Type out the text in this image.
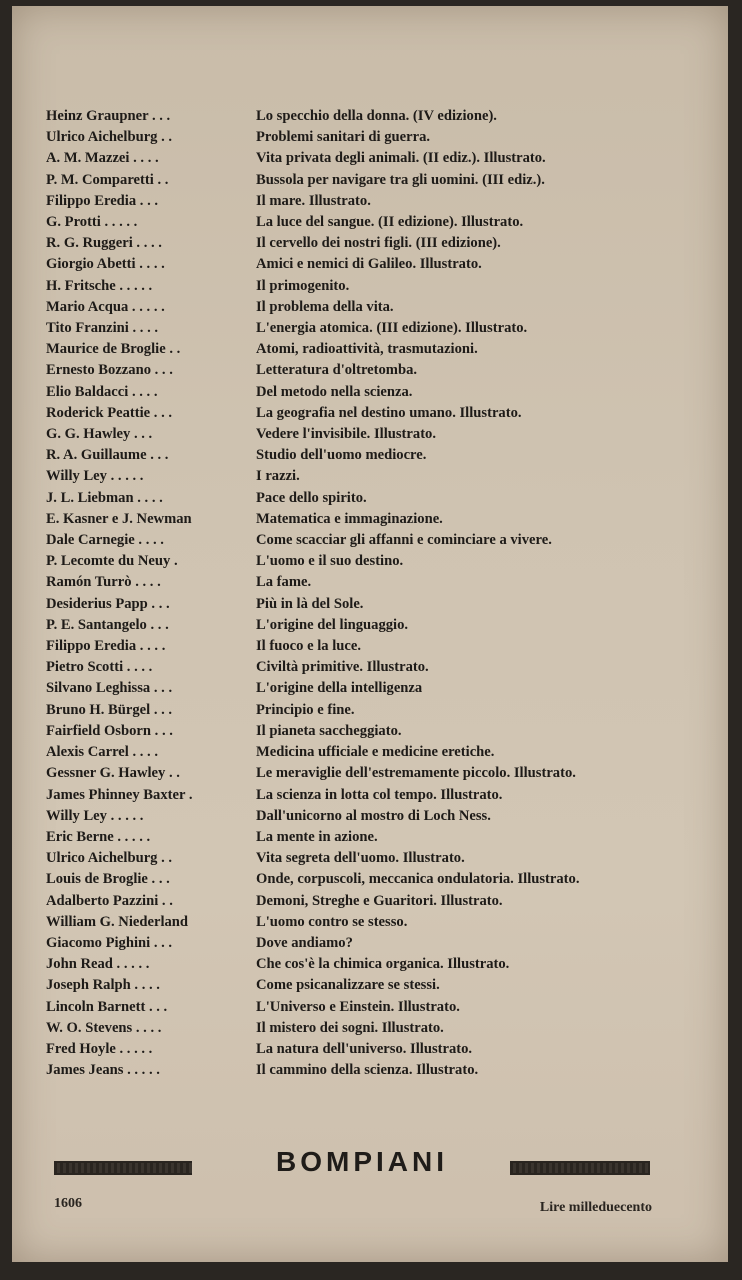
Heinz Graupner . . .	Lo specchio della donna. (IV edizione).
Ulrico Aichelburg . .	Problemi sanitari di guerra.
A. M. Mazzei . . . .	Vita privata degli animali. (II ediz.). Illustrato.
P. M. Comparetti . .	Bussola per navigare tra gli uomini. (III ediz.).
Filippo Eredia . . .	Il mare. Illustrato.
G. Protti . . . . .	La luce del sangue. (II edizione). Illustrato.
R. G. Ruggeri . . . .	Il cervello dei nostri figli. (III edizione).
Giorgio Abetti . . . .	Amici e nemici di Galileo. Illustrato.
H. Fritsche . . . . .	Il primogenito.
Mario Acqua . . . . .	Il problema della vita.
Tito Franzini . . . .	L'energia atomica. (III edizione). Illustrato.
Maurice de Broglie . .	Atomi, radioattività, trasmutazioni.
Ernesto Bozzano . . .	Letteratura d'oltretomba.
Elio Baldacci . . . .	Del metodo nella scienza.
Roderick Peattie . . .	La geografia nel destino umano. Illustrato.
G. G. Hawley . . .	Vedere l'invisibile. Illustrato.
R. A. Guillaume . . .	Studio dell'uomo mediocre.
Willy Ley . . . . .	I razzi.
J. L. Liebman . . . .	Pace dello spirito.
E. Kasner e J. Newman	Matematica e immaginazione.
Dale Carnegie . . . .	Come scacciar gli affanni e cominciare a vivere.
P. Lecomte du Neuy .	L'uomo e il suo destino.
Ramón Turrò . . . .	La fame.
Desiderius Papp . . .	Più in là del Sole.
P. E. Santangelo . . .	L'origine del linguaggio.
Filippo Eredia . . . .	Il fuoco e la luce.
Pietro Scotti . . . .	Civiltà primitive. Illustrato.
Silvano Leghissa . . .	L'origine della intelligenza
Bruno H. Bürgel . . .	Principio e fine.
Fairfield Osborn . . .	Il pianeta saccheggiato.
Alexis Carrel . . . .	Medicina ufficiale e medicine eretiche.
Gessner G. Hawley . .	Le meraviglie dell'estremamente piccolo. Illustrato.
James Phinney Baxter .	La scienza in lotta col tempo. Illustrato.
Willy Ley . . . . .	Dall'unicorno al mostro di Loch Ness.
Eric Berne . . . . .	La mente in azione.
Ulrico Aichelburg . .	Vita segreta dell'uomo. Illustrato.
Louis de Broglie . . .	Onde, corpuscoli, meccanica ondulatoria. Illustrato.
Adalberto Pazzini . .	Demoni, Streghe e Guaritori. Illustrato.
William G. Niederland	L'uomo contro se stesso.
Giacomo Pighini . . .	Dove andiamo?
John Read . . . . .	Che cos'è la chimica organica. Illustrato.
Joseph Ralph . . . .	Come psicanalizzare se stessi.
Lincoln Barnett . . .	L'Universo e Einstein. Illustrato.
W. O. Stevens . . . .	Il mistero dei sogni. Illustrato.
Fred Hoyle . . . . .	La natura dell'universo. Illustrato.
James Jeans . . . . .	Il cammino della scienza. Illustrato.
BOMPIANI
1606	Lire milleduecento
